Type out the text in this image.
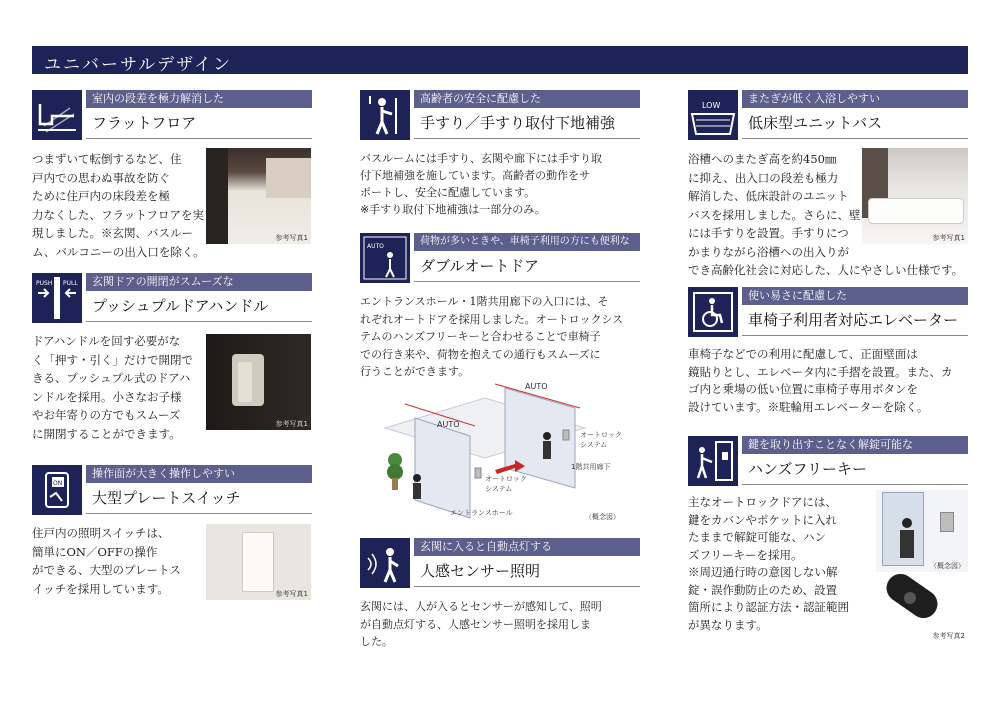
ユニバーサルデザイン
室内の段差を極力解消した
フラットフロア
つまずいて転倒するなど、住
戸内での思わぬ事故を防ぐ
ために住戸内の床段差を極
力なくした、フラットフロアを実
現しました。※玄関、バスルー
ム、バルコニーの出入口を除く。
参考写真1
PUSH PULL	玄関ドアの開閉がスムーズな
プッシュプルドアハンドル
ドアハンドルを回す必要がな
く「押す・引く」だけで開閉で
きる、プッシュプル式のドアハ
ンドルを採用。小さなお子様
やお年寄りの方でもスムーズ
に開閉することができます。
参考写真1
ON
操作面が大きく操作しやすい
大型プレートスイッチ
住戸内の照明スイッチは、
簡単にON／OFFの操作
ができる、大型のプレートス
イッチを採用しています。	参考写真1
高齢者の安全に配慮した
手すり／手すり取付下地補強
バスルームには手すり、玄関や廊下には手すり取
付下地補強を施しています。高齢者の動作をサ
ポートし、安全に配慮しています。
※手すり取付下地補強は一部分のみ。
AUTO	荷物が多いときや、車椅子利用の方にも便利な
ダブルオートドア
エントランスホール・1階共用廊下の入口には、そ
れぞれオートドアを採用しました。オートロックシス
テムのハンズフリーキーと合わせることで車椅子
での行き来や、荷物を抱えての通行もスムーズに
行うことができます。
AUTO
AUTO
オートロック
システム
1階共用廊下
オートロック
システム
エントランスホール	（概念図）
玄関に入ると自動点灯する
人感センサー照明
玄関には、人が入るとセンサーが感知して、照明
が自動点灯する、人感センサー照明を採用しま
した。
LOW
またぎが低く入浴しやすい
低床型ユニットバス
浴槽へのまたぎ高を約450㎜
に抑え、出入口の段差も極力
解消した、低床設計のユニット
バスを採用しました。さらに、壁
には手すりを設置。手すりにつ
かまりながら浴槽への出入りが
でき高齢化社会に対応した、人にやさしい仕様です。
参考写真1
使い易さに配慮した
車椅子利用者対応エレベーター
車椅子などでの利用に配慮して、正面壁面は
鏡貼りとし、エレベータ内に手摺を設置。また、カ
ゴ内と乗場の低い位置に車椅子専用ボタンを
設けています。※駐輪用エレベーターを除く。
鍵を取り出すことなく解錠可能な
ハンズフリーキー
主なオートロックドアには、
鍵をカバンやポケットに入れ
たままで解錠可能な、ハン
ズフリーキーを採用。
※周辺通行時の意図しない解
錠・誤作動防止のため、設置
箇所により認証方法・認証範囲
が異なります。
（概念図）
参考写真2
